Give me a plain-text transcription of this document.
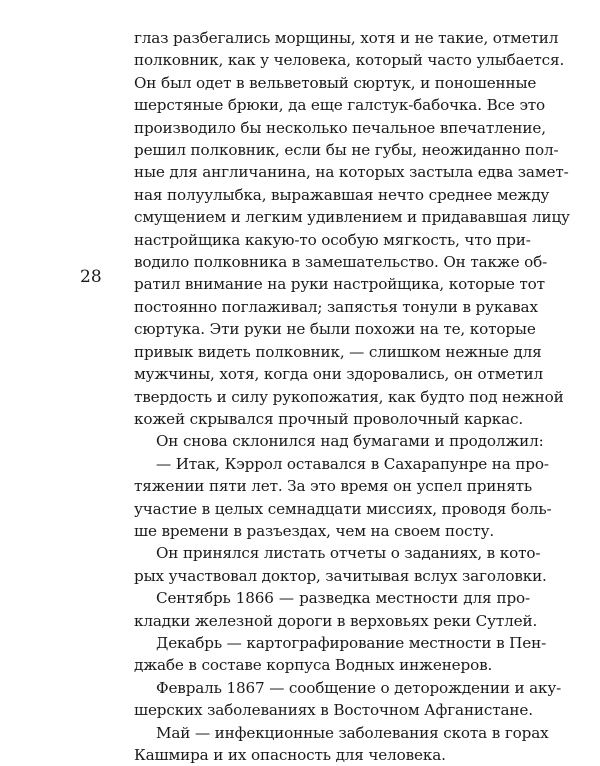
28
глаз разбегались морщины, хотя и не такие, отметил
полковник, как у человека, который часто улыбается.
Он был одет в вельветовый сюртук, и поношенные
шерстяные брюки, да еще галстук-бабочка. Все это
производило бы несколько печальное впечатление,
решил полковник, если бы не губы, неожиданно пол-
ные для англичанина, на которых застыла едва замет-
ная полуулыбка, выражавшая нечто среднее между
смущением и легким удивлением и придававшая лицу
настройщика какую-то особую мягкость, что при-
водило полковника в замешательство. Он также об-
ратил внимание на руки настройщика, которые тот
постоянно поглаживал; запястья тонули в рукавах
сюртука. Эти руки не были похожи на те, которые
привык видеть полковник, — слишком нежные для
мужчины, хотя, когда они здоровались, он отметил
твердость и силу рукопожатия, как будто под нежной
кожей скрывался прочный проволочный каркас.
Он снова склонился над бумагами и продолжил:
— Итак, Кэррол оставался в Сахарапунре на про-
тяжении пяти лет. За это время он успел принять
участие в целых семнадцати миссиях, проводя боль-
ше времени в разъездах, чем на своем посту.
Он принялся листать отчеты о заданиях, в кото-
рых участвовал доктор, зачитывая вслух заголовки.
Сентябрь 1866 — разведка местности для про-
кладки железной дороги в верховьях реки Сутлей.
Декабрь — картографирование местности в Пен-
джабе в составе корпуса Водных инженеров.
Февраль 1867 — сообщение о деторождении и аку-
шерских заболеваниях в Восточном Афганистане.
Май — инфекционные заболевания скота в горах
Кашмира и их опасность для человека.
